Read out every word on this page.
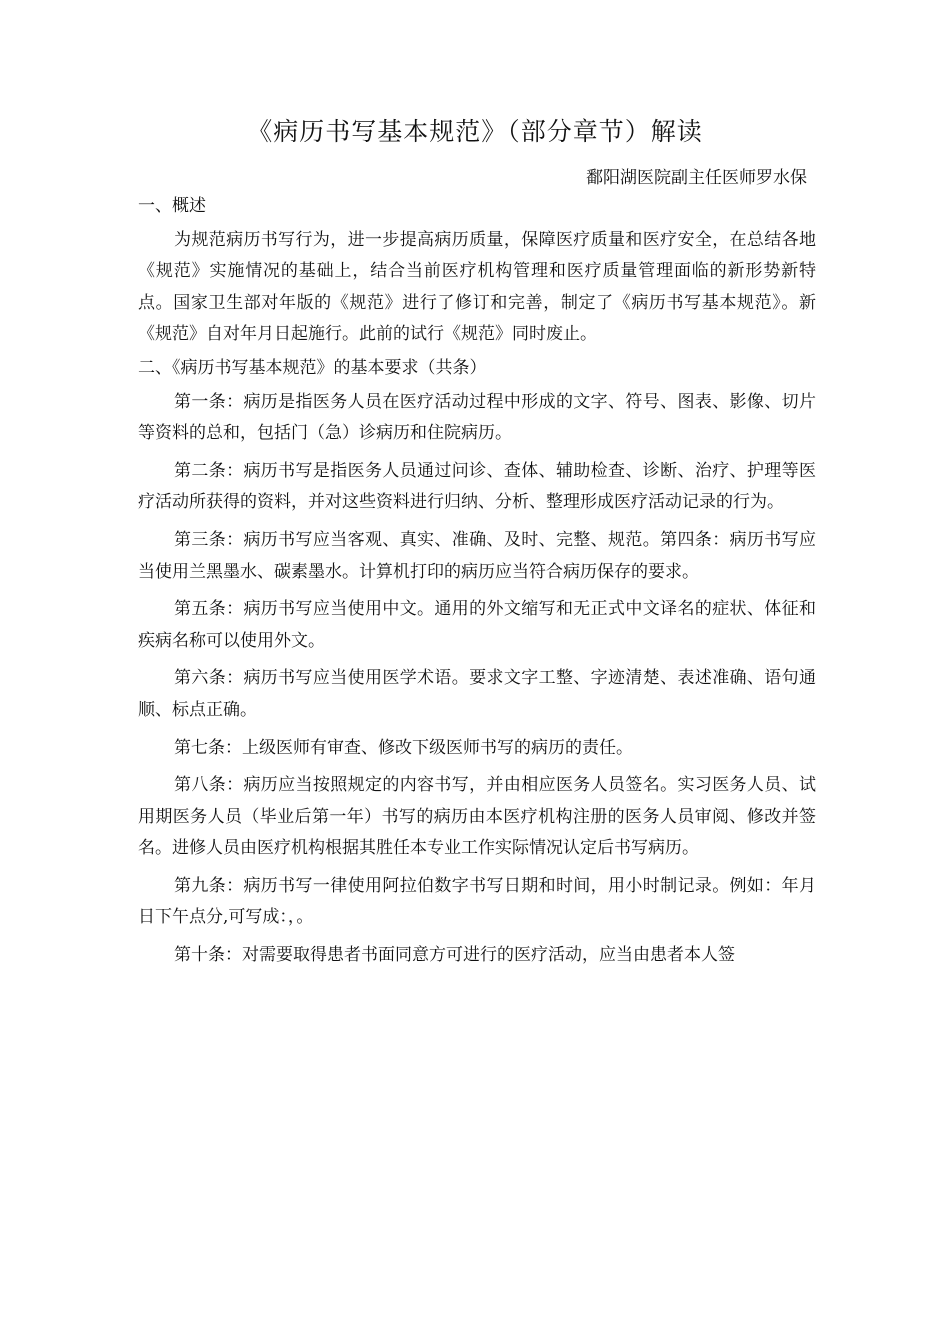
《病历书写基本规范》（部分章节）解读
鄱阳湖医院副主任医师罗水保

一、概述

为规范病历书写行为，进一步提高病历质量，保障医疗质量和医疗安全，在总结各地《规范》实施情况的基础上，结合当前医疗机构管理和医疗质量管理面临的新形势新特点。国家卫生部对年版的《规范》进行了修订和完善，制定了《病历书写基本规范》。新《规范》自对年月日起施行。此前的试行《规范》同时废止。

二、《病历书写基本规范》的基本要求（共条）

第一条：病历是指医务人员在医疗活动过程中形成的文字、符号、图表、影像、切片等资料的总和，包括门（急）诊病历和住院病历。

第二条：病历书写是指医务人员通过问诊、查体、辅助检查、诊断、治疗、护理等医疗活动所获得的资料，并对这些资料进行归纳、分析、整理形成医疗活动记录的行为。

第三条：病历书写应当客观、真实、准确、及时、完整、规范。第四条：病历书写应当使用兰黑墨水、碳素墨水。计算机打印的病历应当符合病历保存的要求。

第五条：病历书写应当使用中文。通用的外文缩写和无正式中文译名的症状、体征和疾病名称可以使用外文。

第六条：病历书写应当使用医学术语。要求文字工整、字迹清楚、表述准确、语句通顺、标点正确。

第七条：上级医师有审查、修改下级医师书写的病历的责任。

第八条：病历应当按照规定的内容书写，并由相应医务人员签名。实习医务人员、试用期医务人员（毕业后第一年）书写的病历由本医疗机构注册的医务人员审阅、修改并签名。进修人员由医疗机构根据其胜任本专业工作实际情况认定后书写病历。

第九条：病历书写一律使用阿拉伯数字书写日期和时间，用小时制记录。例如：年月日下午点分,可写成：，。

第十条：对需要取得患者书面同意方可进行的医疗活动，应当由患者本人签
